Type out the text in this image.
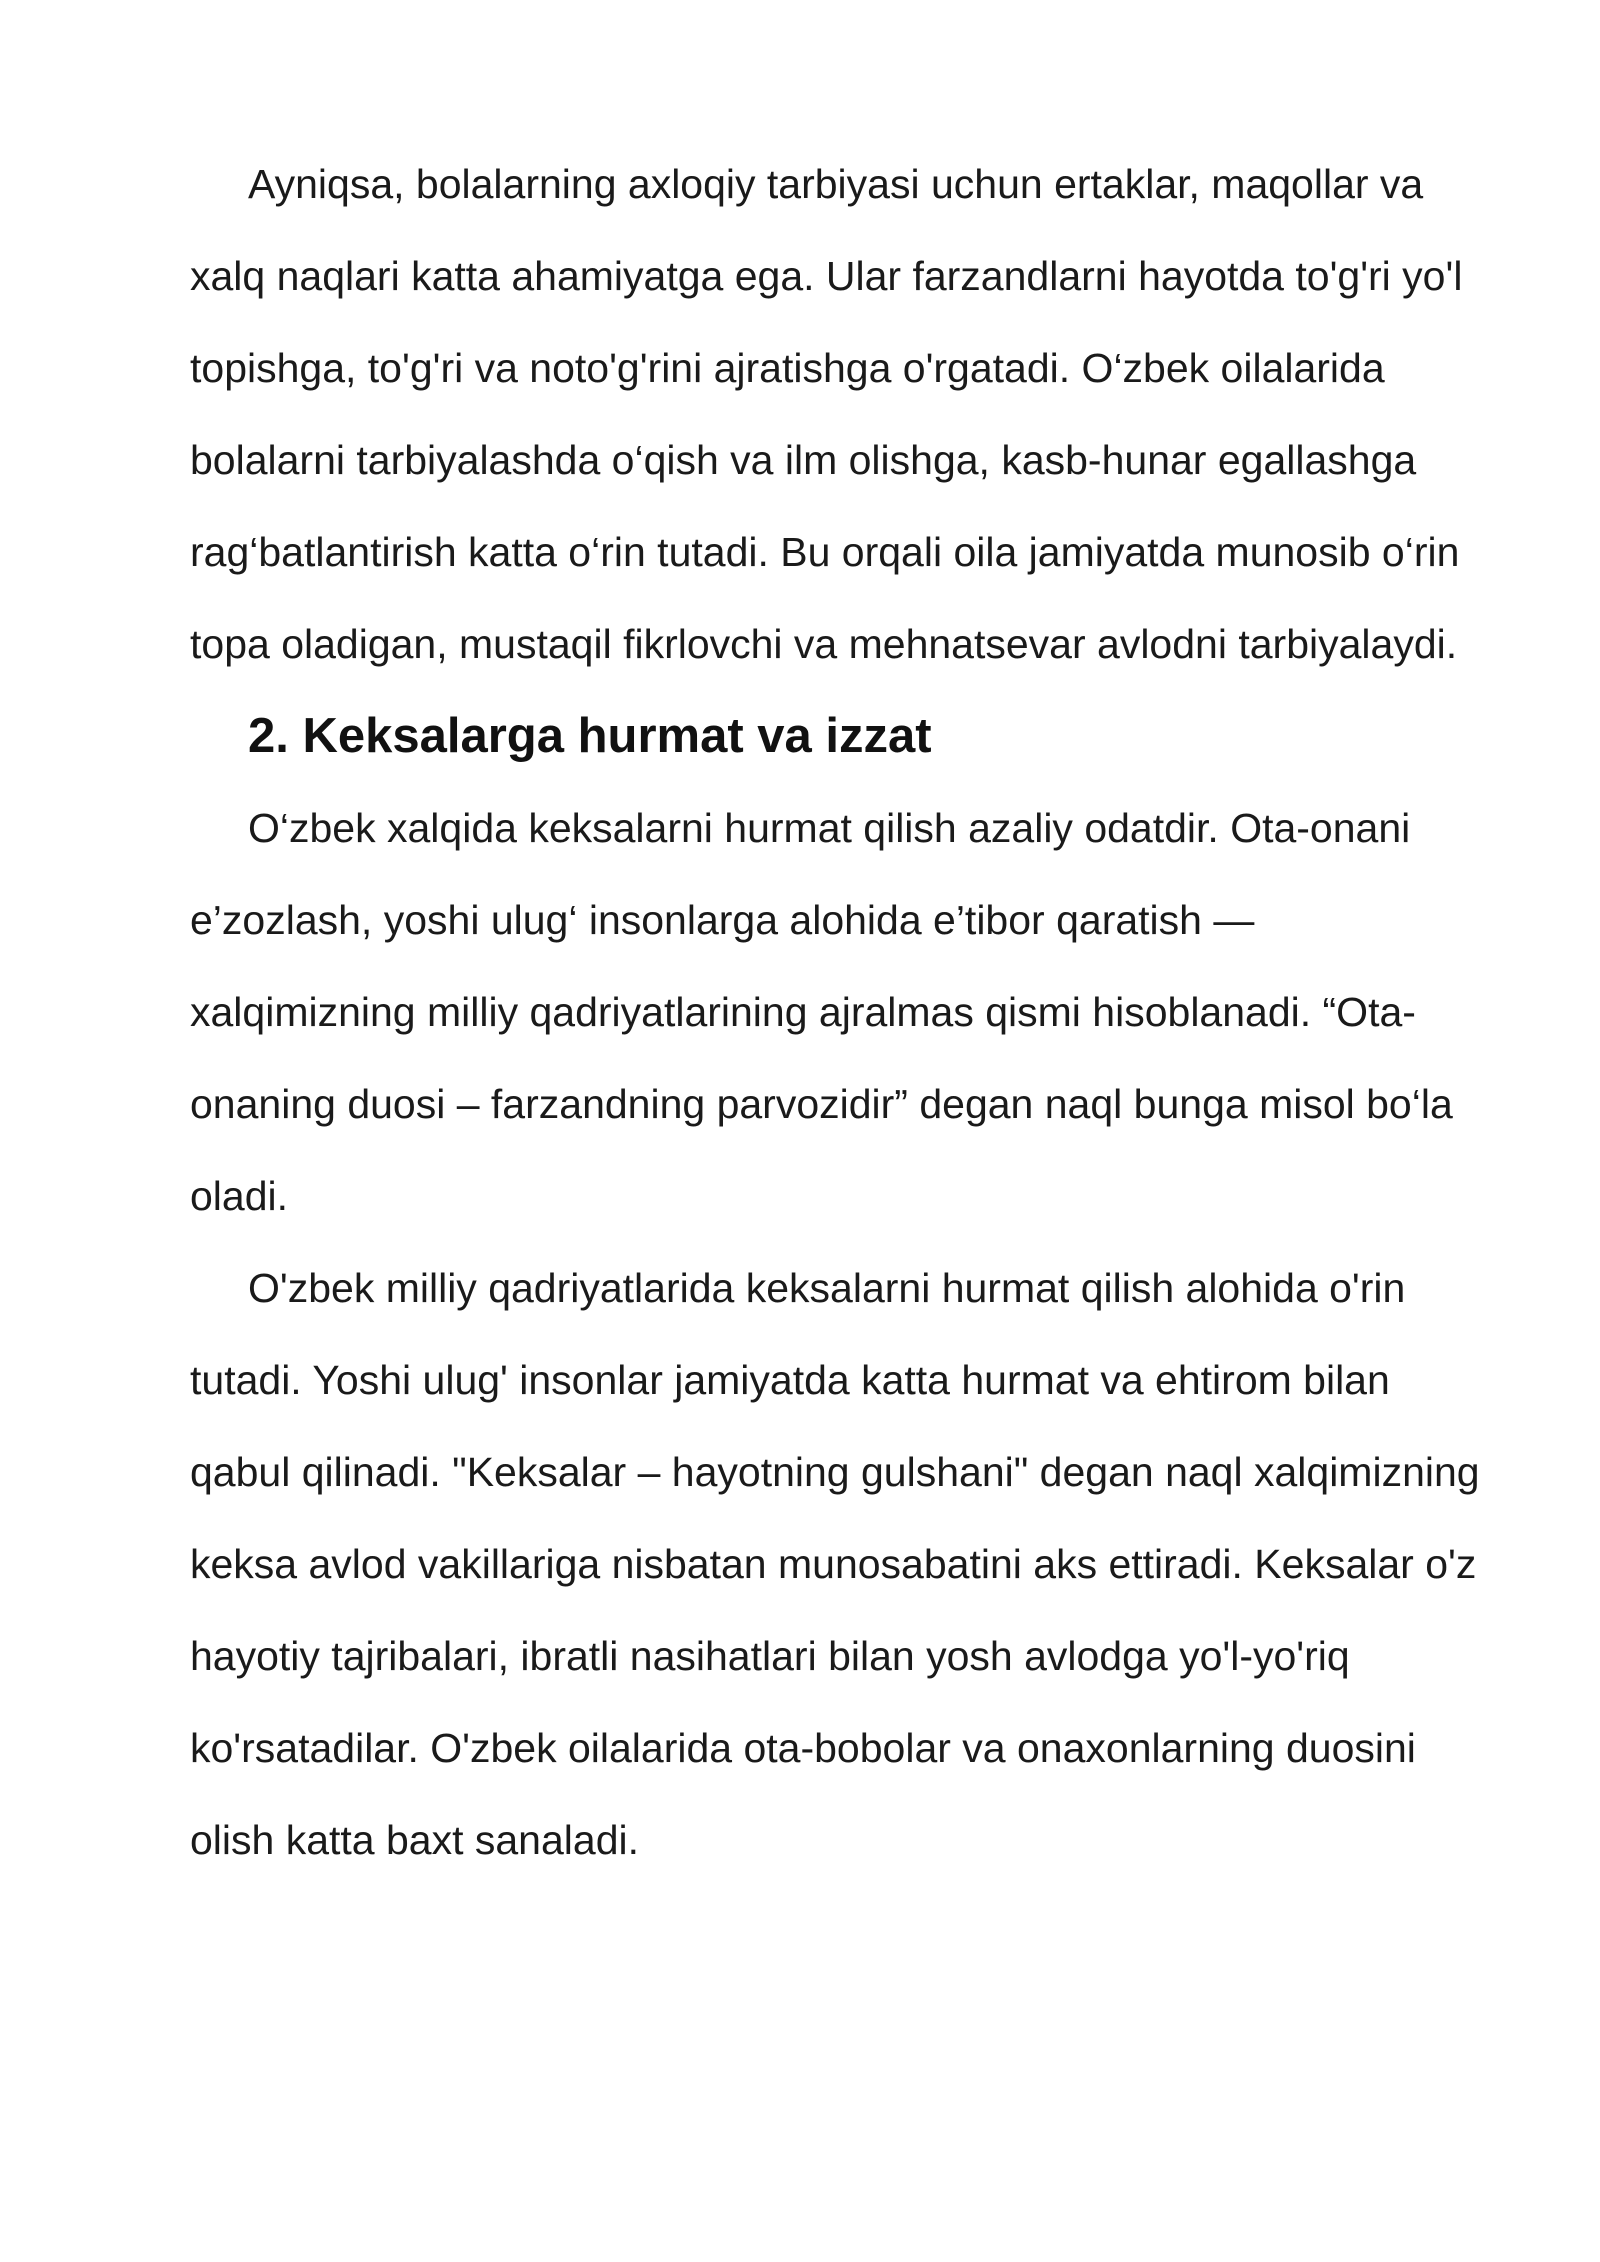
Ayniqsa, bolalarning axloqiy tarbiyasi uchun ertaklar, maqollar va xalq naqlari katta ahamiyatga ega. Ular farzandlarni hayotda to'g'ri yo'l topishga, to'g'ri va noto'g'rini ajratishga o'rgatadi. O‘zbek oilalarida bolalarni tarbiyalashda o‘qish va ilm olishga, kasb-hunar egallashga rag‘batlantirish katta o‘rin tutadi. Bu orqali oila jamiyatda munosib o‘rin topa oladigan, mustaqil fikrlovchi va mehnatsevar avlodni tarbiyalaydi.

2. Keksalarga hurmat va izzat

O‘zbek xalqida keksalarni hurmat qilish azaliy odatdir. Ota-onani e’zozlash, yoshi ulug‘ insonlarga alohida e’tibor qaratish — xalqimizning milliy qadriyatlarining ajralmas qismi hisoblanadi. “Ota-onaning duosi – farzandning parvozidir” degan naql bunga misol bo‘la oladi.

O'zbek milliy qadriyatlarida keksalarni hurmat qilish alohida o'rin tutadi. Yoshi ulug' insonlar jamiyatda katta hurmat va ehtirom bilan qabul qilinadi. "Keksalar – hayotning gulshani" degan naql xalqimizning keksa avlod vakillariga nisbatan munosabatini aks ettiradi. Keksalar o'z hayotiy tajribalari, ibratli nasihatlari bilan yosh avlodga yo'l-yo'riq ko'rsatadilar. O'zbek oilalarida ota-bobolar va onaxonlarning duosini olish katta baxt sanaladi.
